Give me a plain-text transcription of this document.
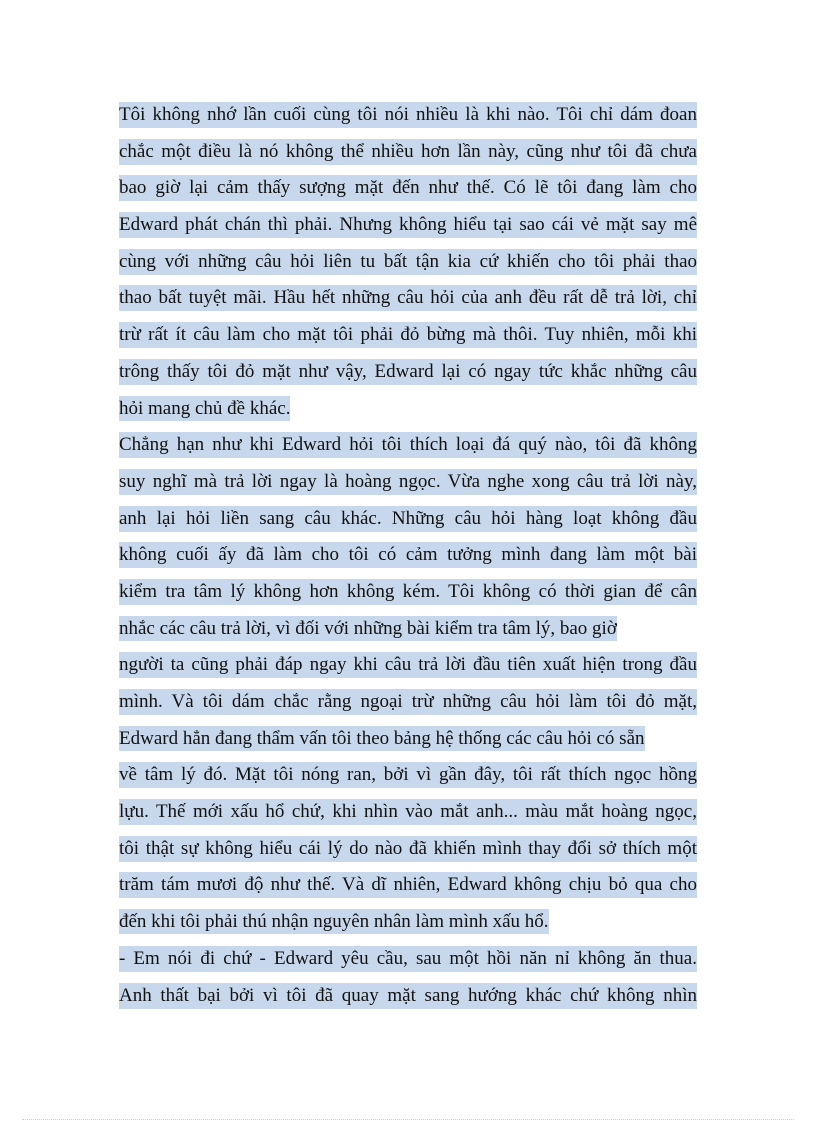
Tôi không nhớ lần cuối cùng tôi nói nhiều là khi nào. Tôi chỉ dám đoan
chắc một điều là nó không thể nhiều hơn lần này, cũng như tôi đã chưa
bao giờ lại cảm thấy sượng mặt đến như thế. Có lẽ tôi đang làm cho
Edward phát chán thì phải. Nhưng không hiểu tại sao cái vẻ mặt say mê
cùng với những câu hỏi liên tu bất tận kia cứ khiến cho tôi phải thao
thao bất tuyệt mãi. Hầu hết những câu hỏi của anh đều rất dễ trả lời, chỉ
trừ rất ít câu làm cho mặt tôi phải đỏ bừng mà thôi. Tuy nhiên, mỗi khi
trông thấy tôi đỏ mặt như vậy, Edward lại có ngay tức khắc những câu
hỏi mang chủ đề khác.
Chẳng hạn như khi Edward hỏi tôi thích loại đá quý nào, tôi đã không
suy nghĩ mà trả lời ngay là hoàng ngọc. Vừa nghe xong câu trả lời này,
anh lại hỏi liền sang câu khác. Những câu hỏi hàng loạt không đầu
không cuối ấy đã làm cho tôi có cảm tưởng mình đang làm một bài
kiểm tra tâm lý không hơn không kém. Tôi không có thời gian để cân
nhắc các câu trả lời, vì đối với những bài kiểm tra tâm lý, bao giờ
người ta cũng phải đáp ngay khi câu trả lời đầu tiên xuất hiện trong đầu
mình. Và tôi dám chắc rằng ngoại trừ những câu hỏi làm tôi đỏ mặt,
Edward hẳn đang thẩm vấn tôi theo bảng hệ thống các câu hỏi có sẵn
về tâm lý đó. Mặt tôi nóng ran, bởi vì gần đây, tôi rất thích ngọc hồng
lựu. Thế mới xấu hổ chứ, khi nhìn vào mắt anh... màu mắt hoàng ngọc,
tôi thật sự không hiểu cái lý do nào đã khiến mình thay đổi sở thích một
trăm tám mươi độ như thế. Và dĩ nhiên, Edward không chịu bỏ qua cho
đến khi tôi phải thú nhận nguyên nhân làm mình xấu hổ.
- Em nói đi chứ - Edward yêu cầu, sau một hồi năn nỉ không ăn thua.
Anh thất bại bởi vì tôi đã quay mặt sang hướng khác chứ không nhìn
